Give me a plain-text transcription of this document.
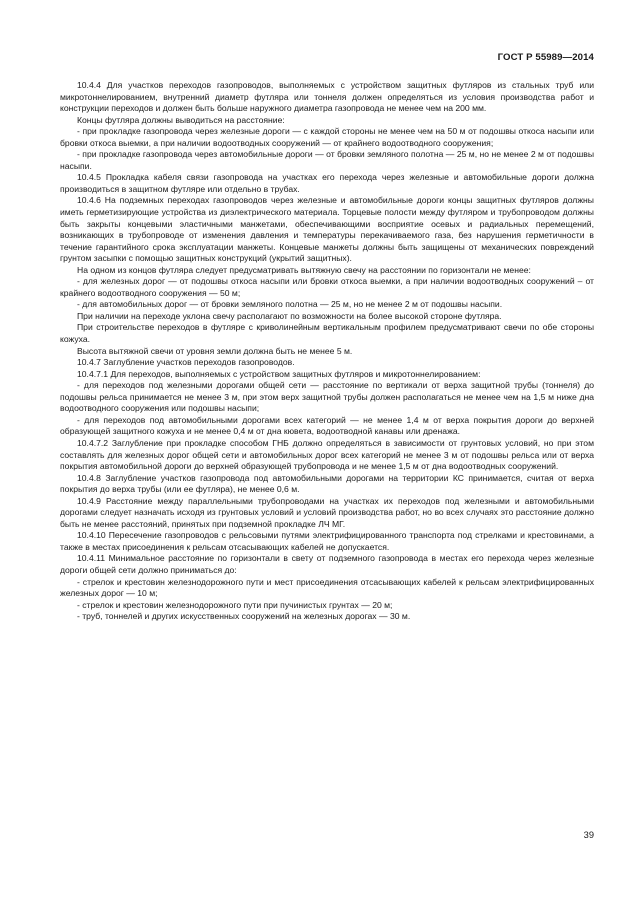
ГОСТ Р 55989—2014

10.4.4 Для участков переходов газопроводов, выполняемых с устройством защитных футляров из стальных труб или микротоннелированием, внутренний диаметр футляра или тоннеля должен определяться из условия производства работ и конструкции переходов и должен быть больше наружного диаметра газопровода не менее чем на 200 мм.

Концы футляра должны выводиться на расстояние:

- при прокладке газопровода через железные дороги — с каждой стороны не менее чем на 50 м от подошвы откоса насыпи или бровки откоса выемки, а при наличии водоотводных сооружений — от крайнего водоотводного сооружения;

- при прокладке газопровода через автомобильные дороги — от бровки земляного полотна — 25 м, но не менее 2 м от подошвы насыпи.

10.4.5 Прокладка кабеля связи газопровода на участках его перехода через железные и автомобильные дороги должна производиться в защитном футляре или отдельно в трубах.

10.4.6 На подземных переходах газопроводов через железные и автомобильные дороги концы защитных футляров должны иметь герметизирующие устройства из диэлектрического материала. Торцевые полости между футляром и трубопроводом должны быть закрыты концевыми эластичными манжетами, обеспечивающими восприятие осевых и радиальных перемещений, возникающих в трубопроводе от изменения давления и температуры перекачиваемого газа, без нарушения герметичности в течение гарантийного срока эксплуатации манжеты. Концевые манжеты должны быть защищены от механических повреждений грунтом засыпки с помощью защитных конструкций (укрытий защитных).

На одном из концов футляра следует предусматривать вытяжную свечу на расстоянии по горизонтали не менее:

- для железных дорог — от подошвы откоса насыпи или бровки откоса выемки, а при наличии водоотводных сооружений – от крайнего водоотводного сооружения — 50 м;

- для автомобильных дорог — от бровки земляного полотна — 25 м, но не менее 2 м от подошвы насыпи.

При наличии на переходе уклона свечу располагают по возможности на более высокой стороне футляра.

При строительстве переходов в футляре с криволинейным вертикальным профилем предусматривают свечи по обе стороны кожуха.

Высота вытяжной свечи от уровня земли должна быть не менее 5 м.

10.4.7 Заглубление участков переходов газопроводов.

10.4.7.1 Для переходов, выполняемых с устройством защитных футляров и микротоннелированием:

- для переходов под железными дорогами общей сети — расстояние по вертикали от верха защитной трубы (тоннеля) до подошвы рельса принимается не менее 3 м, при этом верх защитной трубы должен располагаться не менее чем на 1,5 м ниже дна водоотводного сооружения или подошвы насыпи;

- для переходов под автомобильными дорогами всех категорий — не менее 1,4 м от верха покрытия дороги до верхней образующей защитного кожуха и не менее 0,4 м от дна кювета, водоотводной канавы или дренажа.

10.4.7.2 Заглубление при прокладке способом ГНБ должно определяться в зависимости от грунтовых условий, но при этом составлять для железных дорог общей сети и автомобильных дорог всех категорий не менее 3 м от подошвы рельса или от верха покрытия автомобильной дороги до верхней образующей трубопровода и не менее 1,5 м от дна водоотводных сооружений.

10.4.8 Заглубление участков газопровода под автомобильными дорогами на территории КС принимается, считая от верха покрытия до верха трубы (или ее футляра), не менее 0,6 м.

10.4.9 Расстояние между параллельными трубопроводами на участках их переходов под железными и автомобильными дорогами следует назначать исходя из грунтовых условий и условий производства работ, но во всех случаях это расстояние должно быть не менее расстояний, принятых при подземной прокладке ЛЧ МГ.

10.4.10 Пересечение газопроводов с рельсовыми путями электрифицированного транспорта под стрелками и крестовинами, а также в местах присоединения к рельсам отсасывающих кабелей не допускается.

10.4.11 Минимальное расстояние по горизонтали в свету от подземного газопровода в местах его перехода через железные дороги общей сети должно приниматься до:

- стрелок и крестовин железнодорожного пути и мест присоединения отсасывающих кабелей к рельсам электрифицированных железных дорог — 10 м;

- стрелок и крестовин железнодорожного пути при пучинистых грунтах — 20 м;

- труб, тоннелей и других искусственных сооружений на железных дорогах — 30 м.

39
